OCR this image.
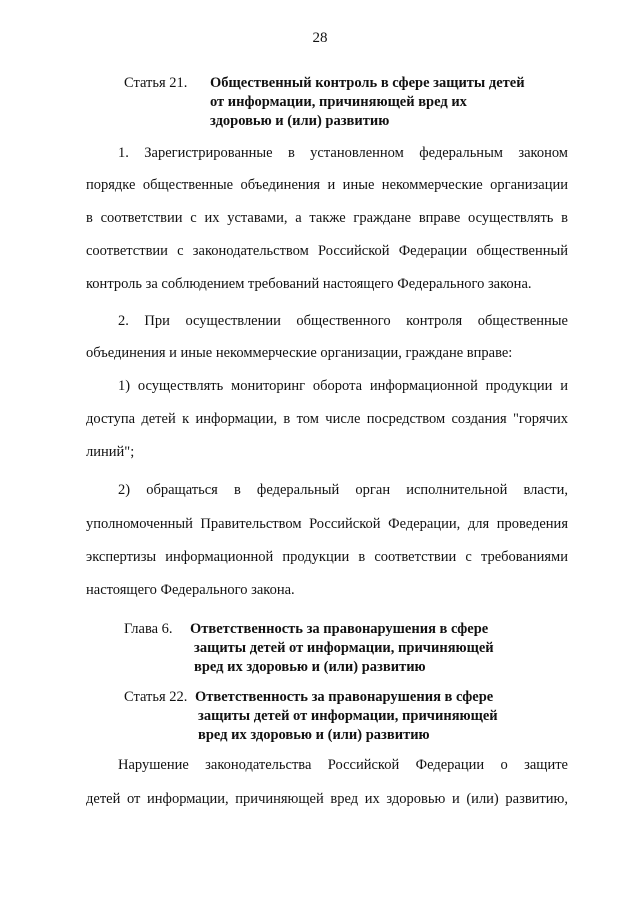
28
Статья 21. Общественный контроль в сфере защиты детей
от информации, причиняющей вред их
здоровью и (или) развитию
1. Зарегистрированные в установленном федеральным законом
порядке общественные объединения и иные некоммерческие организации
в соответствии с их уставами, а также граждане вправе осуществлять в
соответствии с законодательством Российской Федерации общественный
контроль за соблюдением требований настоящего Федерального закона.
2. При осуществлении общественного контроля общественные
объединения и иные некоммерческие организации, граждане вправе:
1) осуществлять мониторинг оборота информационной продукции и
доступа детей к информации, в том числе посредством создания "горячих
линий";
2) обращаться в федеральный орган исполнительной власти,
уполномоченный Правительством Российской Федерации, для проведения
экспертизы информационной продукции в соответствии с требованиями
настоящего Федерального закона.
Глава 6. Ответственность за правонарушения в сфере
защиты детей от информации, причиняющей
вред их здоровью и (или) развитию
Статья 22. Ответственность за правонарушения в сфере
защиты детей от информации, причиняющей
вред их здоровью и (или) развитию
Нарушение законодательства Российской Федерации о защите
детей от информации, причиняющей вред их здоровью и (или) развитию,
